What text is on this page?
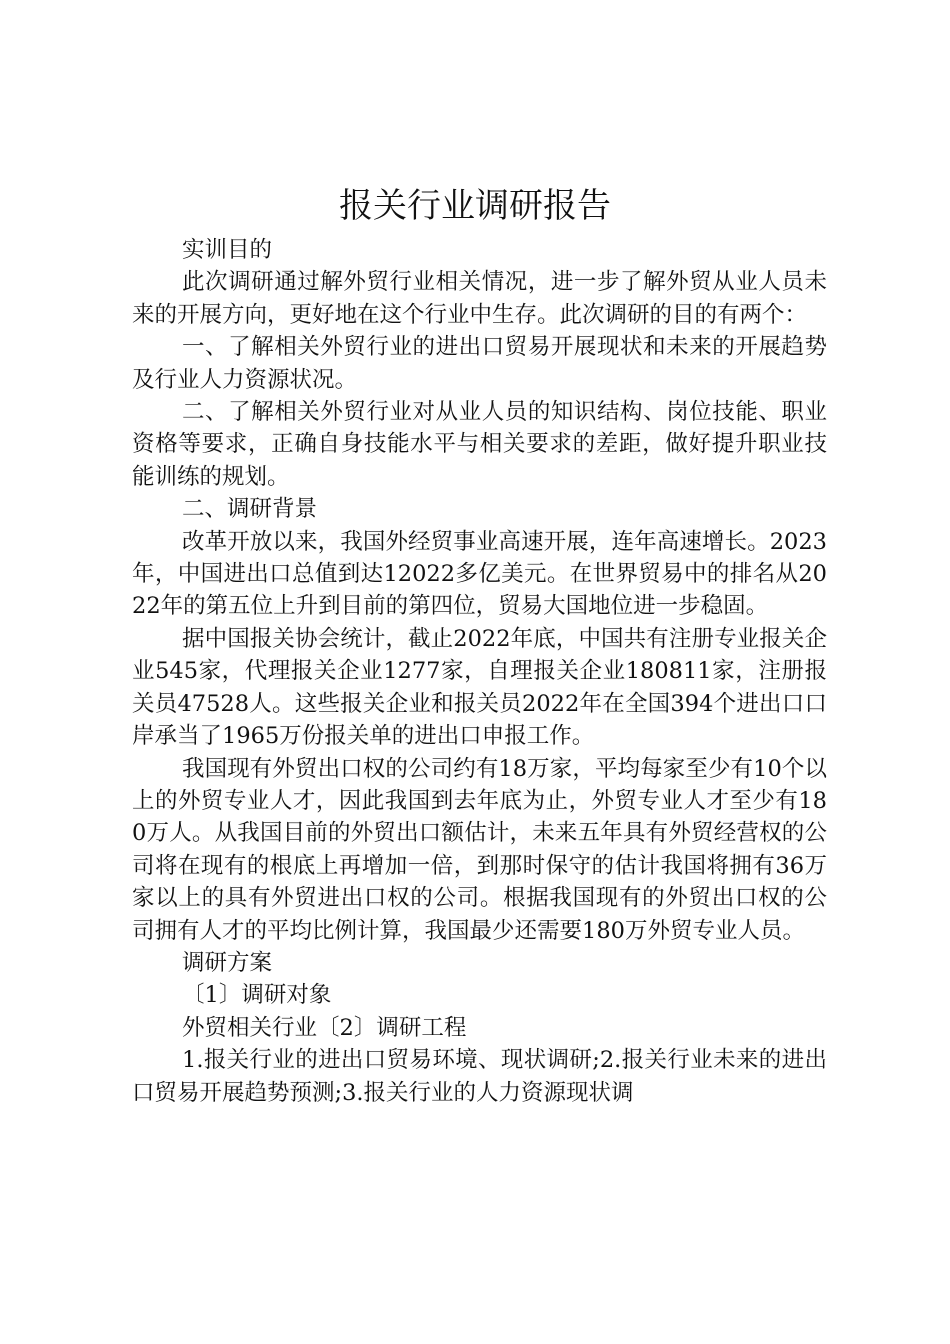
报关行业调研报告

实训目的

此次调研通过解外贸行业相关情况，进一步了解外贸从业人员未来的开展方向，更好地在这个行业中生存。此次调研的目的有两个：

一、了解相关外贸行业的进出口贸易开展现状和未来的开展趋势及行业人力资源状况。

二、了解相关外贸行业对从业人员的知识结构、岗位技能、职业资格等要求，正确自身技能水平与相关要求的差距，做好提升职业技能训练的规划。

二、调研背景

改革开放以来，我国外经贸事业高速开展，连年高速增长。2023年，中国进出口总值到达12022多亿美元。在世界贸易中的排名从2022年的第五位上升到目前的第四位，贸易大国地位进一步稳固。

据中国报关协会统计，截止2022年底，中国共有注册专业报关企业545家，代理报关企业1277家，自理报关企业180811家，注册报关员47528人。这些报关企业和报关员2022年在全国394个进出口口岸承当了1965万份报关单的进出口申报工作。

我国现有外贸出口权的公司约有18万家，平均每家至少有10个以上的外贸专业人才，因此我国到去年底为止，外贸专业人才至少有180万人。从我国目前的外贸出口额估计，未来五年具有外贸经营权的公司将在现有的根底上再增加一倍，到那时保守的估计我国将拥有36万家以上的具有外贸进出口权的公司。根据我国现有的外贸出口权的公司拥有人才的平均比例计算，我国最少还需要180万外贸专业人员。

调研方案

〔1〕调研对象

外贸相关行业〔2〕调研工程

1.报关行业的进出口贸易环境、现状调研;2.报关行业未来的进出口贸易开展趋势预测;3.报关行业的人力资源现状调
